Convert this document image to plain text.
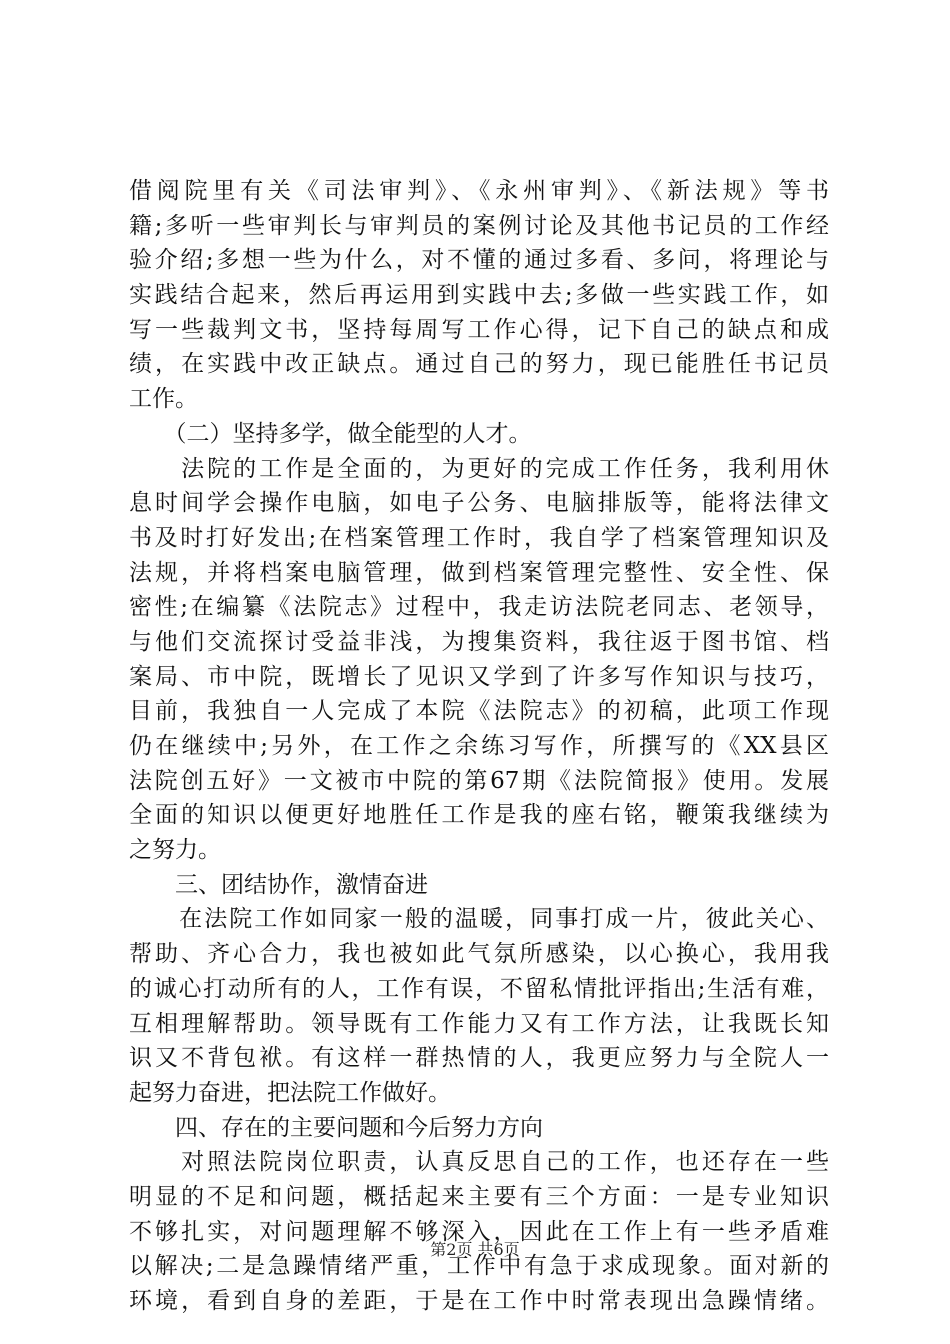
借阅院里有关《司法审判》、《永州审判》、《新法规》等书
籍;多听一些审判长与审判员的案例讨论及其他书记员的工作经
验介绍;多想一些为什么，对不懂的通过多看、多问，将理论与
实践结合起来，然后再运用到实践中去;多做一些实践工作，如
写一些裁判文书，坚持每周写工作心得，记下自己的缺点和成
绩，在实践中改正缺点。通过自己的努力，现已能胜任书记员
工作。
　　（二）坚持多学，做全能型的人才。
　　法院的工作是全面的，为更好的完成工作任务，我利用休
息时间学会操作电脑，如电子公务、电脑排版等，能将法律文
书及时打好发出;在档案管理工作时，我自学了档案管理知识及
法规，并将档案电脑管理，做到档案管理完整性、安全性、保
密性;在编纂《法院志》过程中，我走访法院老同志、老领导，
与他们交流探讨受益非浅，为搜集资料，我往返于图书馆、档
案局、市中院，既增长了见识又学到了许多写作知识与技巧，
目前，我独自一人完成了本院《法院志》的初稿，此项工作现
仍在继续中;另外，在工作之余练习写作，所撰写的《XX县区
法院创五好》一文被市中院的第67期《法院简报》使用。发展
全面的知识以便更好地胜任工作是我的座右铭，鞭策我继续为
之努力。
　　三、团结协作，激情奋进
　　在法院工作如同家一般的温暖，同事打成一片，彼此关心、
帮助、齐心合力，我也被如此气氛所感染，以心换心，我用我
的诚心打动所有的人，工作有误，不留私情批评指出;生活有难，
互相理解帮助。领导既有工作能力又有工作方法，让我既长知
识又不背包袱。有这样一群热情的人，我更应努力与全院人一
起努力奋进，把法院工作做好。
　　四、存在的主要问题和今后努力方向
　　对照法院岗位职责，认真反思自己的工作，也还存在一些
明显的不足和问题，概括起来主要有三个方面：一是专业知识
不够扎实，对问题理解不够深入，因此在工作上有一些矛盾难
以解决;二是急躁情绪严重，工作中有急于求成现象。面对新的
环境，看到自身的差距，于是在工作中时常表现出急躁情绪。
第2页 共6页
